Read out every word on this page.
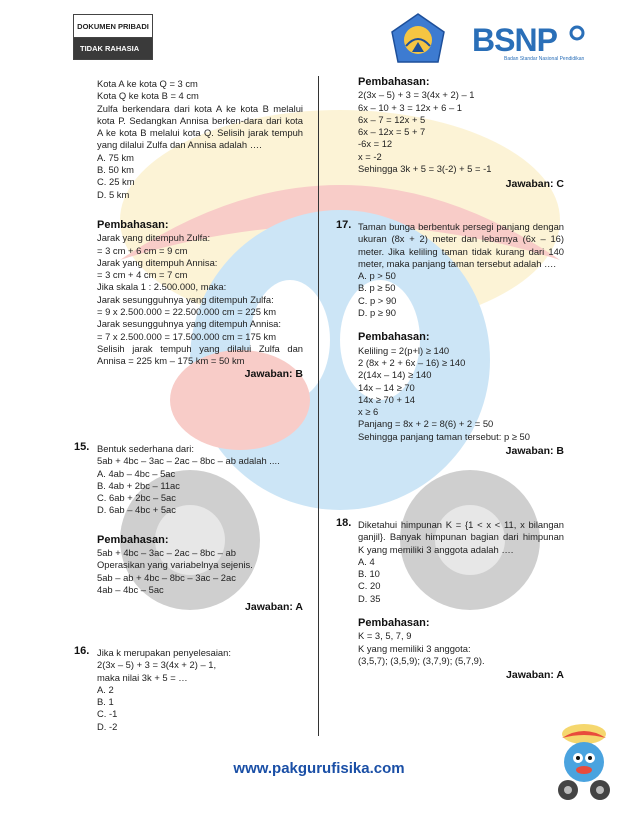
DOKUMEN PRIBADI
TIDAK RAHASIA	BSNP
Badan Standar Nasional Pendidikan
Kota A ke kota Q = 3 cm
Kota Q ke kota B = 4 cm
Zulfa berkendara dari kota A ke kota B melalui kota P. Sedangkan Annisa berken-dara dari kota A ke kota B melalui kota Q. Selisih jarak tempuh yang dilalui Zulfa dan Annisa adalah ….
A. 75 km
B. 50 km
C. 25 km
D. 5 km
Pembahasan:
Jarak yang ditempuh Zulfa:
= 3 cm + 6 cm = 9 cm
Jarak yang ditempuh Annisa:
= 3 cm + 4 cm = 7 cm
Jika skala 1 : 2.500.000, maka:
Jarak sesungguhnya yang ditempuh Zulfa:
= 9 x 2.500.000 = 22.500.000 cm = 225 km
Jarak sesungguhnya yang ditempuh Annisa:
= 7 x 2.500.000 = 17.500.000 cm = 175 km
Selisih jarak tempuh yang dilalui Zulfa dan Annisa = 225 km – 175 km = 50 km
Jawaban: B
15. Bentuk sederhana dari:
5ab + 4bc – 3ac – 2ac – 8bc – ab adalah ....
A. 4ab – 4bc – 5ac
B. 4ab + 2bc – 11ac
C. 6ab + 2bc – 5ac
D. 6ab – 4bc + 5ac
Pembahasan:
5ab + 4bc – 3ac – 2ac – 8bc – ab
Operasikan yang variabelnya sejenis.
5ab – ab + 4bc – 8bc – 3ac – 2ac
4ab – 4bc – 5ac
Jawaban: A
16. Jika k merupakan penyelesaian:
2(3x – 5) + 3 = 3(4x + 2) – 1,
maka nilai 3k + 5 = …
A. 2
B. 1
C. -1
D. -2
Pembahasan:
2(3x – 5) + 3 = 3(4x + 2) – 1
6x – 10 + 3 = 12x + 6 – 1
6x – 7 = 12x + 5
6x – 12x = 5 + 7
-6x = 12
x = -2
Sehingga 3k + 5 = 3(-2) + 5 = -1
Jawaban: C
17. Taman bunga berbentuk persegi panjang dengan ukuran (8x + 2) meter dan lebarnya (6x – 16) meter. Jika keliling taman tidak kurang dari 140 meter, maka panjang taman tersebut adalah ….
A. p > 50
B. p ≥ 50
C. p > 90
D. p ≥ 90
Pembahasan:
Keliling = 2(p+l) ≥ 140
2 (8x + 2 + 6x – 16) ≥ 140
2(14x – 14) ≥ 140
14x – 14 ≥ 70
14x ≥ 70 + 14
x ≥ 6
Panjang = 8x + 2 = 8(6) + 2 = 50
Sehingga panjang taman tersebut: p ≥ 50
Jawaban: B
18. Diketahui himpunan K = {1 < x < 11, x bilangan ganjil}. Banyak himpunan bagian dari himpunan K yang memiliki 3 anggota adalah ….
A. 4
B. 10
C. 20
D. 35
Pembahasan:
K = 3, 5, 7, 9
K yang memiliki 3 anggota:
(3,5,7); (3,5,9); (3,7,9); (5,7,9).
Jawaban: A
www.pakgurufisika.com
